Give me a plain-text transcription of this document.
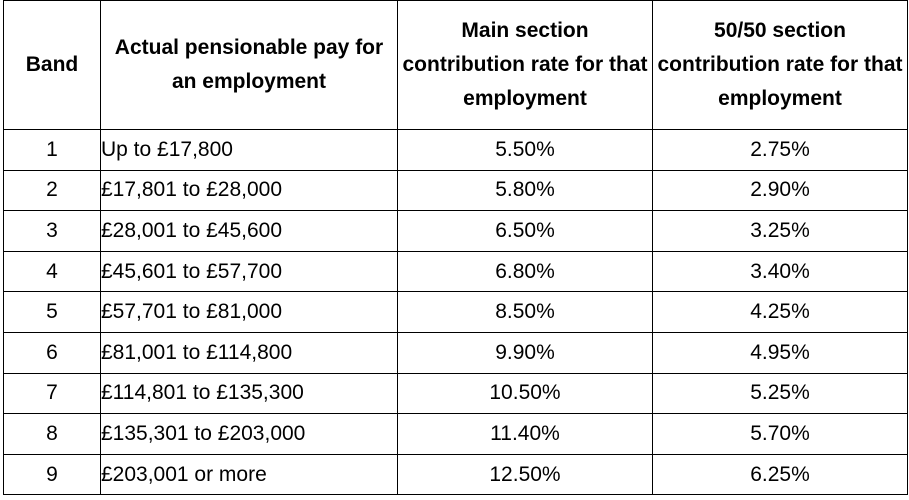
Band	Actual pensionable pay for an employment	Main section contribution rate for that employment	50/50 section contribution rate for that employment

1	Up to £17,800	5.50%	2.75%
2	£17,801 to £28,000	5.80%	2.90%
3	£28,001 to £45,600	6.50%	3.25%
4	£45,601 to £57,700	6.80%	3.40%
5	£57,701 to £81,000	8.50%	4.25%
6	£81,001 to £114,800	9.90%	4.95%
7	£114,801 to £135,300	10.50%	5.25%
8	£135,301 to £203,000	11.40%	5.70%
9	£203,001 or more	12.50%	6.25%
